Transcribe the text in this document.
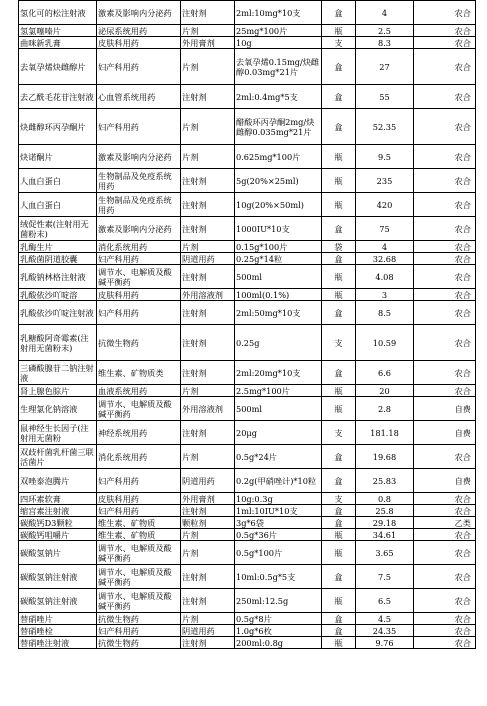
氢化可的松注射液	激素及影响内分泌药	注射剂	2ml:10mg*10支	盒	4	农合
氢氯噻嗪片	泌尿系统用药	片剂	25mg*100片	瓶	2.5	农合
曲咪新乳膏	皮肤科用药	外用膏剂	10g	支	8.3	农合
去氧孕烯炔雌醇片	妇产科用药	片剂	去氧孕烯0.15mg/炔雌醇0.03mg*21片	盒	27	农合
去乙酰毛花苷注射液	心血管系统用药	注射剂	2ml:0.4mg*5支	盒	55	农合
炔雌醇环丙孕酮片	妇产科用药	片剂	醋酸环丙孕酮2mg/炔雌醇0.035mg*21片	盒	52.35	农合
炔诺酮片	激素及影响内分泌药	片剂	0.625mg*100片	瓶	9.5	农合
人血白蛋白	生物制品及免疫系统用药	注射剂	5g(20%×25ml)	瓶	235	农合
人血白蛋白	生物制品及免疫系统用药	注射剂	10g(20%×50ml)	瓶	420	农合
绒促性素(注射用无菌粉末)	激素及影响内分泌药	注射剂	1000IU*10支	盒	75	农合
乳酶生片	消化系统用药	片剂	0.15g*100片	袋	4	农合
乳酸菌阴道胶囊	妇产科用药	阴道用药	0.25g*14粒	盒	32.68	农合
乳酸钠林格注射液	调节水、电解质及酸碱平衡药	注射剂	500ml	瓶	4.08	农合
乳酸依沙吖啶溶	皮肤科用药	外用溶液剂	100ml(0.1%)	瓶	3	农合
乳酸依沙吖啶注射液	妇产科用药	注射剂	2ml:50mg*10支	盒	8.5	农合
乳糖酸阿奇霉素(注射用无菌粉末)	抗微生物药	注射剂	0.25g	支	10.59	农合
三磷酸腺苷二钠注射液	维生素、矿物质类	注射剂	2ml:20mg*10支	盒	6.6	农合
肾上腺色腙片	血液系统用药	片剂	2.5mg*100片	瓶	20	农合
生理氯化钠溶液	调节水、电解质及酸碱平衡药	外用溶液剂	500ml	瓶	2.8	自费
鼠神经生长因子(注射用无菌粉	神经系统用药	注射剂	20μg	支	181.18	自费
双歧杆菌乳杆菌三联活菌片	消化系统用药	片剂	0.5g*24片	盒	19.68	农合
双唑泰泡腾片	妇产科用药	阴道用药	0.2g(甲硝唑计)*10粒	盒	25.83	自费
四环素软膏	皮肤科用药	外用膏剂	10g:0.3g	支	0.8	农合
缩宫素注射液	妇产科用药	注射剂	1ml:10IU*10支	盒	25.8	农合
碳酸钙D3颗粒	维生素、矿物质	颗粒剂	3g*6袋	盒	29.18	乙类
碳酸钙咀嚼片	维生素、矿物质	片剂	0.5g*36片	瓶	34.61	农合
碳酸氢钠片	调节水、电解质及酸碱平衡药	片剂	0.5g*100片	瓶	3.65	农合
碳酸氢钠注射液	调节水、电解质及酸碱平衡药	注射剂	10ml:0.5g*5支	盒	7.5	农合
碳酸氢钠注射液	调节水、电解质及酸碱平衡药	注射剂	250ml:12.5g	瓶	6.5	农合
替硝唑片	抗微生物药	片剂	0.5g*8片	盒	4.5	农合
替硝唑栓	妇产科用药	阴道用药	1.0g*6枚	盒	24.35	农合
替硝唑注射液	抗微生物药	注射剂	200ml:0.8g	瓶	9.76	农合
